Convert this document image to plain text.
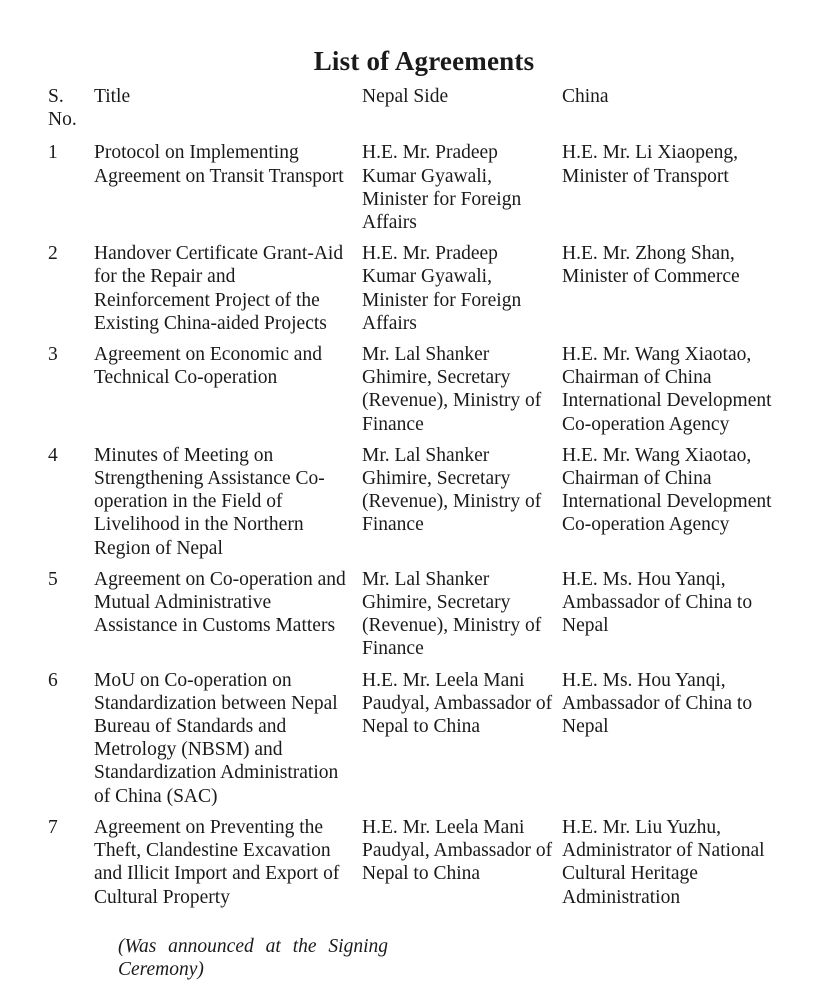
List of Agreements
S.
No.	Title	Nepal Side	China
1	Protocol on Implementing Agreement on Transit Transport	H.E. Mr. Pradeep Kumar Gyawali, Minister for Foreign Affairs	H.E. Mr. Li Xiaopeng, Minister of Transport
2	Handover Certificate Grant-Aid for the Repair and Reinforcement Project of the Existing China-aided Projects	H.E. Mr. Pradeep Kumar Gyawali, Minister for Foreign Affairs	H.E. Mr. Zhong Shan, Minister of Commerce
3	Agreement on Economic and Technical Co-operation	Mr. Lal Shanker Ghimire, Secretary (Revenue), Ministry of Finance	H.E. Mr. Wang Xiaotao, Chairman of China International Development Co-operation Agency
4	Minutes of Meeting on Strengthening Assistance Co-operation in the Field of Livelihood in the Northern Region of Nepal	Mr. Lal Shanker Ghimire, Secretary (Revenue), Ministry of Finance	H.E. Mr. Wang Xiaotao, Chairman of China International Development Co-operation Agency
5	Agreement on Co-operation and Mutual Administrative Assistance in Customs Matters	Mr. Lal Shanker Ghimire, Secretary (Revenue), Ministry of Finance	H.E. Ms. Hou Yanqi, Ambassador of China to Nepal
6	MoU on Co-operation on Standardization between Nepal Bureau of Standards and Metrology (NBSM) and Standardization Administration of China (SAC)	H.E. Mr. Leela Mani Paudyal, Ambassador of Nepal to China	H.E. Ms. Hou Yanqi, Ambassador of China to Nepal
7	Agreement on Preventing the Theft, Clandestine Excavation and Illicit Import and Export of Cultural Property	H.E. Mr. Leela Mani Paudyal, Ambassador of Nepal to China	H.E. Mr. Liu Yuzhu, Administrator of National Cultural Heritage Administration
(Was announced at the Signing Ceremony)
